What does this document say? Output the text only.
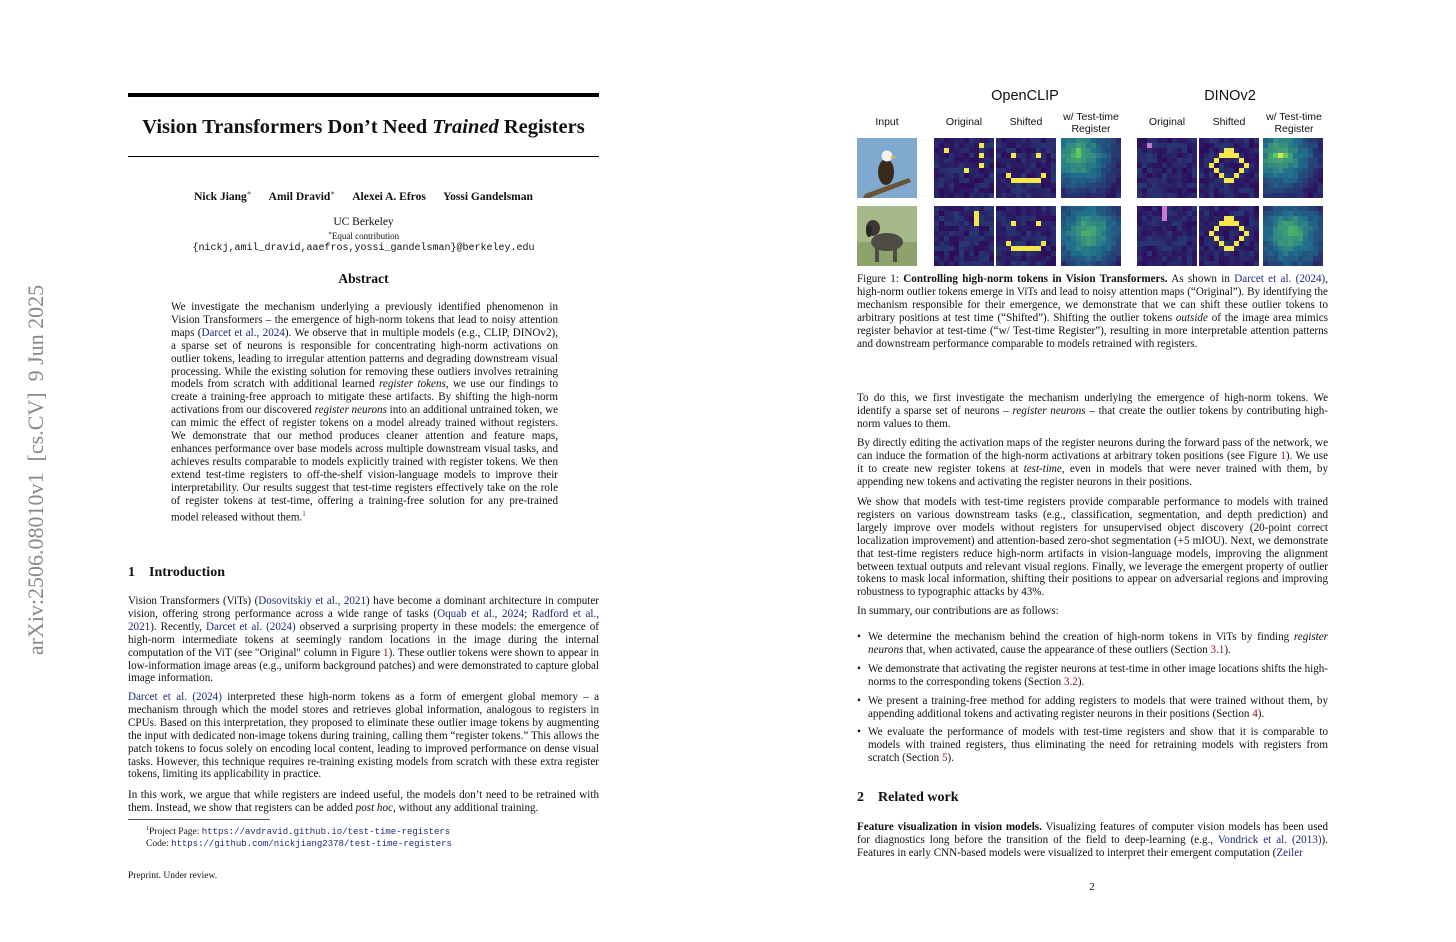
arXiv:2506.08010v1  [cs.CV]  9 Jun 2025
Vision Transformers Don’t Need Trained Registers
Nick Jiang∗ Amil Dravid∗ Alexei A. Efros Yossi Gandelsman
UC Berkeley
∗Equal contribution
{nickj,amil_dravid,aaefros,yossi_gandelsman}@berkeley.edu
Abstract
We investigate the mechanism underlying a previously identified phenomenon in Vision Transformers – the emergence of high-norm tokens that lead to noisy attention maps (Darcet et al., 2024). We observe that in multiple models (e.g., CLIP, DINOv2), a sparse set of neurons is responsible for concentrating high-norm activations on outlier tokens, leading to irregular attention patterns and degrading downstream visual processing. While the existing solution for removing these outliers involves retraining models from scratch with additional learned register tokens, we use our findings to create a training-free approach to mitigate these artifacts. By shifting the high-norm activations from our discovered register neurons into an additional untrained token, we can mimic the effect of register tokens on a model already trained without registers. We demonstrate that our method produces cleaner attention and feature maps, enhances performance over base models across multiple downstream visual tasks, and achieves results comparable to models explicitly trained with register tokens. We then extend test-time registers to off-the-shelf vision-language models to improve their interpretability. Our results suggest that test-time registers effectively take on the role of register tokens at test-time, offering a training-free solution for any pre-trained model released without them.$^1$
1 Introduction
Vision Transformers (ViTs) (Dosovitskiy et al., 2021) have become a dominant architecture in computer vision, offering strong performance across a wide range of tasks (Oquab et al., 2024; Radford et al., 2021). Recently, Darcet et al. (2024) observed a surprising property in these models: the emergence of high-norm intermediate tokens at seemingly random locations in the image during the internal computation of the ViT (see "Original" column in Figure 1). These outlier tokens were shown to appear in low-information image areas (e.g., uniform background patches) and were demonstrated to capture global image information.
Darcet et al. (2024) interpreted these high-norm tokens as a form of emergent global memory – a mechanism through which the model stores and retrieves global information, analogous to registers in CPUs. Based on this interpretation, they proposed to eliminate these outlier image tokens by augmenting the input with dedicated non-image tokens during training, calling them “register tokens.” This allows the patch tokens to focus solely on encoding local content, leading to improved performance on dense visual tasks. However, this technique requires re-training existing models from scratch with these extra register tokens, limiting its applicability in practice.
In this work, we argue that while registers are indeed useful, the models don’t need to be retrained with them. Instead, we show that registers can be added post hoc, without any additional training.
$^1$Project Page: https://avdravid.github.io/test-time-registers
Code: https://github.com/nickjiang2378/test-time-registers
Preprint. Under review.
OpenCLIP	DINOv2
Input	Original	Shifted	w/ Test-time Register
Original	Shifted	w/ Test-time Register
Figure 1: Controlling high-norm tokens in Vision Transformers. As shown in Darcet et al. (2024), high-norm outlier tokens emerge in ViTs and lead to noisy attention maps (“Original”). By identifying the mechanism responsible for their emergence, we demonstrate that we can shift these outlier tokens to arbitrary positions at test time (“Shifted”). Shifting the outlier tokens outside of the image area mimics register behavior at test-time (“w/ Test-time Register”), resulting in more interpretable attention patterns and downstream performance comparable to models retrained with registers.
To do this, we first investigate the mechanism underlying the emergence of high-norm tokens. We identify a sparse set of neurons – register neurons – that create the outlier tokens by contributing high-norm values to them.
By directly editing the activation maps of the register neurons during the forward pass of the network, we can induce the formation of the high-norm activations at arbitrary token positions (see Figure 1). We use it to create new register tokens at test-time, even in models that were never trained with them, by appending new tokens and activating the register neurons in their positions.
We show that models with test-time registers provide comparable performance to models with trained registers on various downstream tasks (e.g., classification, segmentation, and depth prediction) and largely improve over models without registers for unsupervised object discovery (20-point correct localization improvement) and attention-based zero-shot segmentation (+5 mIOU). Next, we demonstrate that test-time registers reduce high-norm artifacts in vision-language models, improving the alignment between textual outputs and relevant visual regions. Finally, we leverage the emergent property of outlier tokens to mask local information, shifting their positions to appear on adversarial regions and improving robustness to typographic attacks by 43%.
In summary, our contributions are as follows:
• We determine the mechanism behind the creation of high-norm tokens in ViTs by finding register neurons that, when activated, cause the appearance of these outliers (Section 3.1).
• We demonstrate that activating the register neurons at test-time in other image locations shifts the high-norms to the corresponding tokens (Section 3.2).
• We present a training-free method for adding registers to models that were trained without them, by appending additional tokens and activating register neurons in their positions (Section 4).
• We evaluate the performance of models with test-time registers and show that it is comparable to models with trained registers, thus eliminating the need for retraining models with registers from scratch (Section 5).
2 Related work
Feature visualization in vision models. Visualizing features of computer vision models has been used for diagnostics long before the transition of the field to deep-learning (e.g., Vondrick et al. (2013)). Features in early CNN-based models were visualized to interpret their emergent computation (Zeiler
2
